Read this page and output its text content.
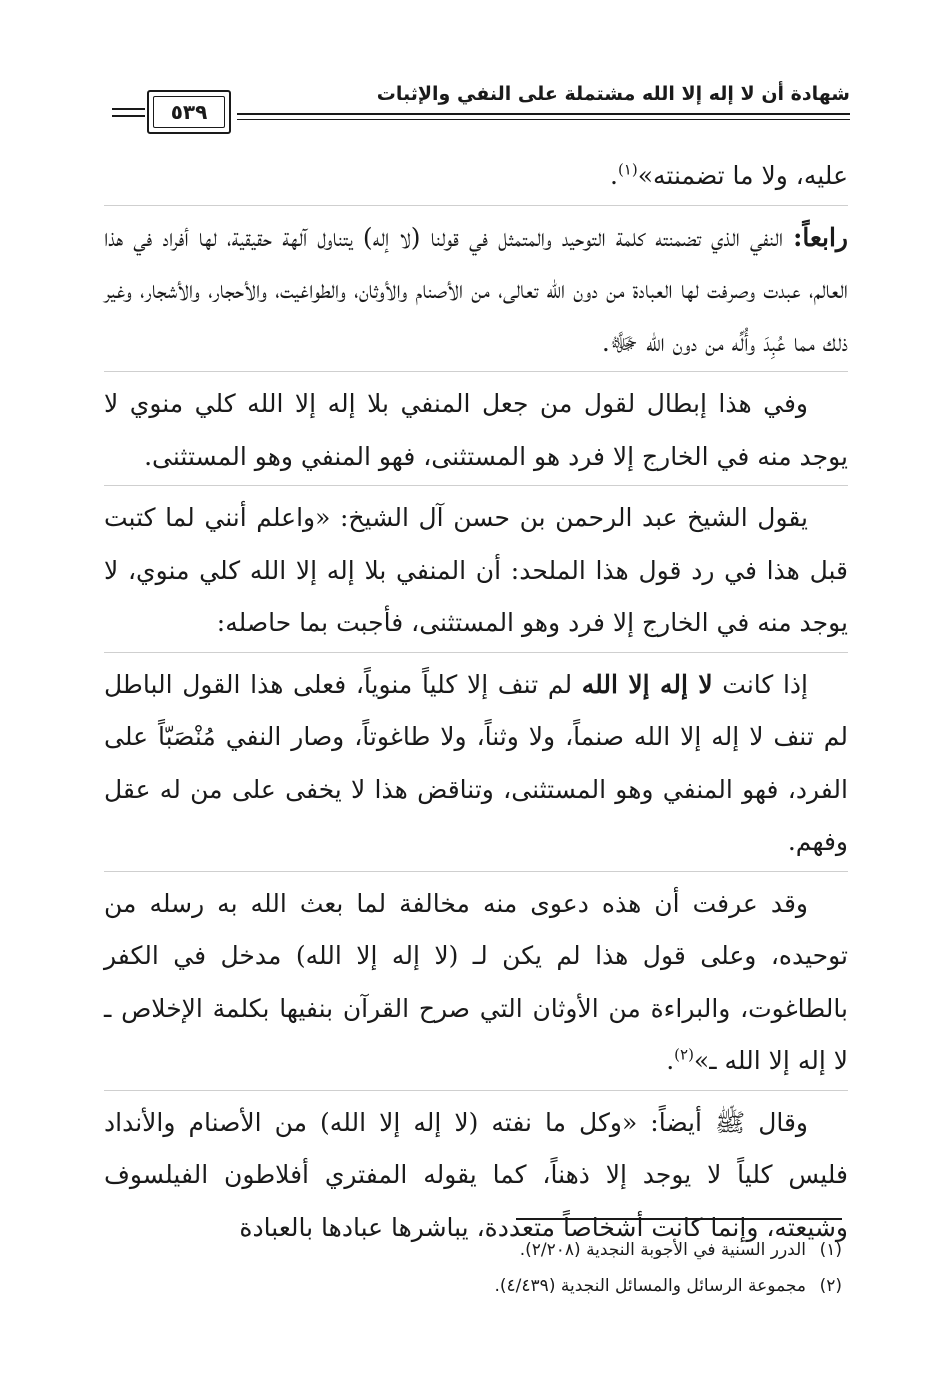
شهادة أن لا إله إلا الله مشتملة على النفي والإثبات
٥٣٩

عليه، ولا ما تضمنته»$^{(١)}$.

رابعاً: النفي الذي تضمنته كلمة التوحيد والمتمثل في قولنا (لا إله) يتناول آلهة حقيقية، لها أفراد في هذا العالم، عبدت وصرفت لها العبادة من دون الله تعالى، من الأصنام والأوثان، والطواغيت، والأحجار، والأشجار، وغير ذلك مما عُبِدَ وأُلِّه من دون الله ﷻ.

وفي هذا إبطال لقول من جعل المنفي بلا إله إلا الله كلي منوي لا يوجد منه في الخارج إلا فرد هو المستثنى، فهو المنفي وهو المستثنى.

يقول الشيخ عبد الرحمن بن حسن آل الشيخ: «واعلم أنني لما كتبت قبل هذا في رد قول هذا الملحد: أن المنفي بلا إله إلا الله كلي منوي، لا يوجد منه في الخارج إلا فرد وهو المستثنى، فأجبت بما حاصله:

إذا كانت لا إله إلا الله لم تنف إلا كلياً منوياً، فعلى هذا القول الباطل لم تنف لا إله إلا الله صنماً، ولا وثناً، ولا طاغوتاً، وصار النفي مُنْصَبّاً على الفرد، فهو المنفي وهو المستثنى، وتناقض هذا لا يخفى على من له عقل وفهم.

وقد عرفت أن هذه دعوى منه مخالفة لما بعث الله به رسله من توحيده، وعلى قول هذا لم يكن لـ (لا إله إلا الله) مدخل في الكفر بالطاغوت، والبراءة من الأوثان التي صرح القرآن بنفيها بكلمة الإخلاص ـ لا إله إلا الله ـ»$^{(٢)}$.

وقال ﷺ أيضاً: «وكل ما نفته (لا إله إلا الله) من الأصنام والأنداد فليس كلياً لا يوجد إلا ذهناً، كما يقوله المفتري أفلاطون الفيلسوف وشيعته، وإنما كانت أشخاصاً متعددة، يباشرها عبادها بالعبادة

(١)الدرر السنية في الأجوبة النجدية (٢/٢٠٨).
(٢)مجموعة الرسائل والمسائل النجدية (٤/٤٣٩).
